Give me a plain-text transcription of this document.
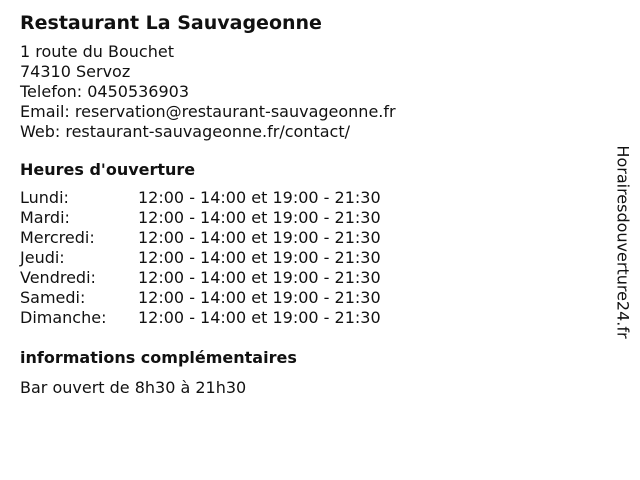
Restaurant La Sauvageonne
1 route du Bouchet
74310 Servoz
Telefon: 0450536903
Email: reservation@restaurant-sauvageonne.fr
Web: restaurant-sauvageonne.fr/contact/
Heures d'ouverture
Lundi:	12:00 - 14:00 et 19:00 - 21:30
Mardi:	12:00 - 14:00 et 19:00 - 21:30
Mercredi:	12:00 - 14:00 et 19:00 - 21:30
Jeudi:	12:00 - 14:00 et 19:00 - 21:30
Vendredi:	12:00 - 14:00 et 19:00 - 21:30
Samedi:	12:00 - 14:00 et 19:00 - 21:30
Dimanche:	12:00 - 14:00 et 19:00 - 21:30
informations complémentaires
Bar ouvert de 8h30 à 21h30
Horairesdouverture24.fr
